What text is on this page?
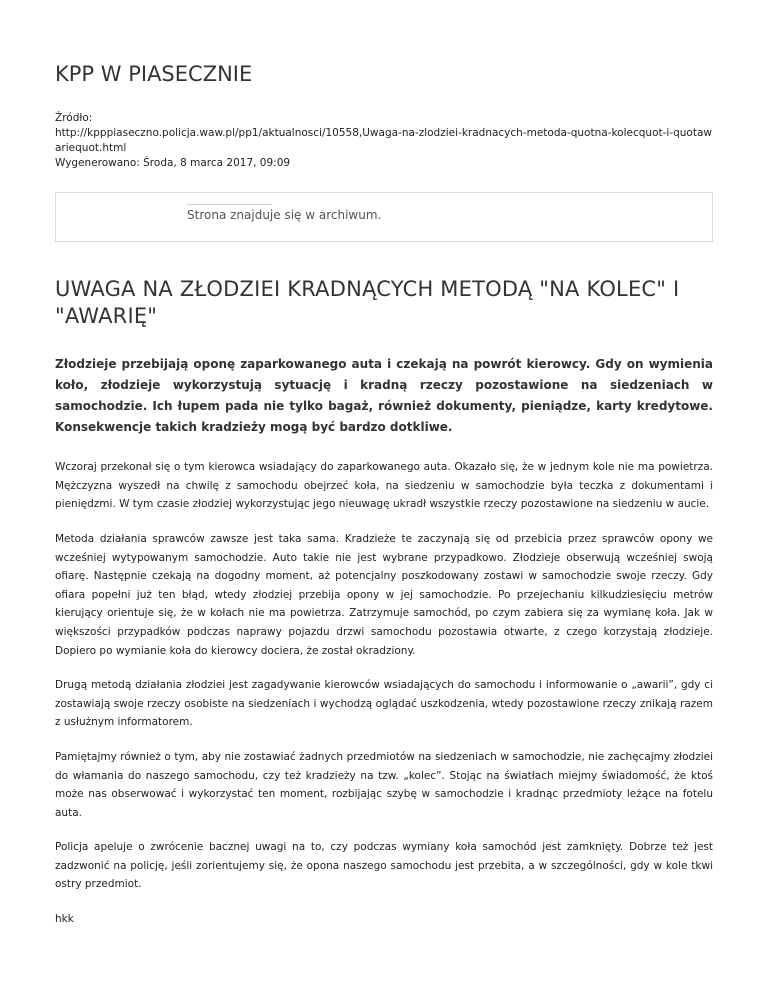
KPP W PIASECZNIE
Źródło:
http://kpppiaseczno.policja.waw.pl/pp1/aktualnosci/10558,Uwaga-na-zlodziei-kradnacych-metoda-quotna-kolecquot-i-quotawariequot.html
Wygenerowano: Środa, 8 marca 2017, 09:09
Strona znajduje się w archiwum.
UWAGA NA ZŁODZIEI KRADNĄCYCH METODĄ "NA KOLEC" I "AWARIĘ"

Złodzieje przebijają oponę zaparkowanego auta i czekają na powrót kierowcy. Gdy on wymienia koło, złodzieje wykorzystują sytuację i kradną rzeczy pozostawione na siedzeniach w samochodzie. Ich łupem pada nie tylko bagaż, również dokumenty, pieniądze, karty kredytowe. Konsekwencje takich kradzieży mogą być bardzo dotkliwe.

Wczoraj przekonał się o tym kierowca wsiadający do zaparkowanego auta. Okazało się, że w jednym kole nie ma powietrza. Mężczyzna wyszedł na chwilę z samochodu obejrzeć koła, na siedzeniu w samochodzie była teczka z dokumentami i pieniędzmi. W tym czasie złodziej wykorzystując jego nieuwagę ukradł wszystkie rzeczy pozostawione na siedzeniu w aucie.

Metoda działania sprawców zawsze jest taka sama. Kradzieże te zaczynają się od przebicia przez sprawców opony we wcześniej wytypowanym samochodzie. Auto takie nie jest wybrane przypadkowo. Złodzieje obserwują wcześniej swoją ofiarę. Następnie czekają na dogodny moment, aż potencjalny poszkodowany zostawi w samochodzie swoje rzeczy. Gdy ofiara popełni już ten błąd, wtedy złodziej przebija opony w jej samochodzie. Po przejechaniu kilkudziesięciu metrów kierujący orientuje się, że w kołach nie ma powietrza. Zatrzymuje samochód, po czym zabiera się za wymianę koła. Jak w większości przypadków podczas naprawy pojazdu drzwi samochodu pozostawia otwarte, z czego korzystają złodzieje. Dopiero po wymianie koła do kierowcy dociera, że został okradziony.

Drugą metodą działania złodziei jest zagadywanie kierowców wsiadających do samochodu i informowanie o „awarii”, gdy ci zostawiają swoje rzeczy osobiste na siedzeniach i wychodzą oglądać uszkodzenia, wtedy pozostawione rzeczy znikają razem z usłużnym informatorem.

Pamiętajmy również o tym, aby nie zostawiać żadnych przedmiotów na siedzeniach w samochodzie, nie zachęcajmy złodziei do włamania do naszego samochodu, czy też kradzieży na tzw. „kolec”. Stojąc na światłach miejmy świadomość, że ktoś może nas obserwować i wykorzystać ten moment, rozbijając szybę w samochodzie i kradnąc przedmioty leżące na fotelu auta.

Policja apeluje o zwrócenie bacznej uwagi na to, czy podczas wymiany koła samochód jest zamknięty. Dobrze też jest zadzwonić na policję, jeśli zorientujemy się, że opona naszego samochodu jest przebita, a w szczególności, gdy w kole tkwi ostry przedmiot.

hkk
